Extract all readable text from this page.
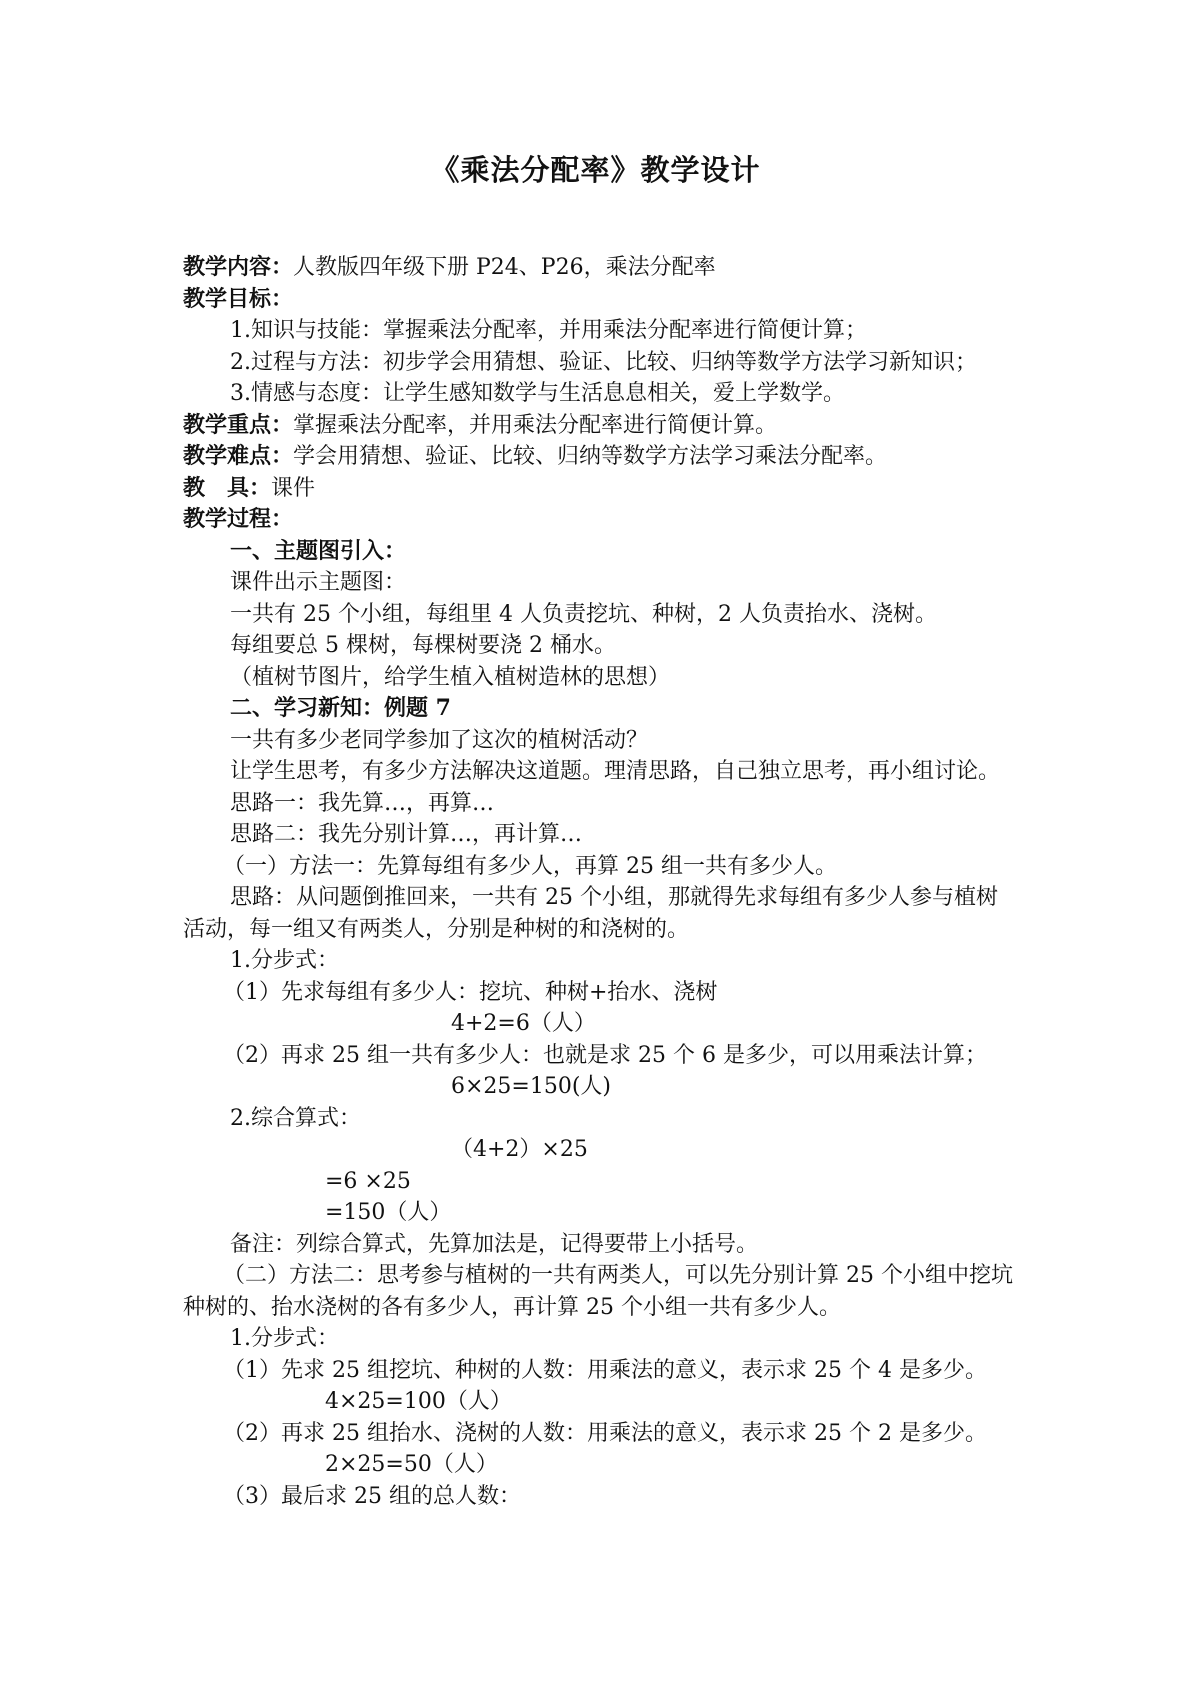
《乘法分配率》教学设计
教学内容：人教版四年级下册 P24、P26，乘法分配率
教学目标：
1.知识与技能：掌握乘法分配率，并用乘法分配率进行简便计算；
2.过程与方法：初步学会用猜想、验证、比较、归纳等数学方法学习新知识；
3.情感与态度：让学生感知数学与生活息息相关，爱上学数学。
教学重点：掌握乘法分配率，并用乘法分配率进行简便计算。
教学难点：学会用猜想、验证、比较、归纳等数学方法学习乘法分配率。
教　具：课件
教学过程：
一、主题图引入：
课件出示主题图：
一共有 25 个小组，每组里 4 人负责挖坑、种树，2 人负责抬水、浇树。
每组要总 5 棵树，每棵树要浇 2 桶水。
（植树节图片，给学生植入植树造林的思想）
二、学习新知：例题 7
一共有多少老同学参加了这次的植树活动？
让学生思考，有多少方法解决这道题。理清思路，自己独立思考，再小组讨论。
思路一：我先算…，再算…
思路二：我先分别计算…，再计算…
（一）方法一：先算每组有多少人，再算 25 组一共有多少人。
思路：从问题倒推回来，一共有 25 个小组，那就得先求每组有多少人参与植树活动，每一组又有两类人，分别是种树的和浇树的。
1.分步式：
（1）先求每组有多少人：挖坑、种树+抬水、浇树
4+2=6（人）
（2）再求 25 组一共有多少人：也就是求 25 个 6 是多少，可以用乘法计算；
6×25=150(人)
2.综合算式：
（4+2）×25
=6 ×25
=150（人）
备注：列综合算式，先算加法是，记得要带上小括号。
（二）方法二：思考参与植树的一共有两类人，可以先分别计算 25 个小组中挖坑种树的、抬水浇树的各有多少人，再计算 25 个小组一共有多少人。
1.分步式：
（1）先求 25 组挖坑、种树的人数：用乘法的意义，表示求 25 个 4 是多少。
4×25=100（人）
（2）再求 25 组抬水、浇树的人数：用乘法的意义，表示求 25 个 2 是多少。
2×25=50（人）
（3）最后求 25 组的总人数：
